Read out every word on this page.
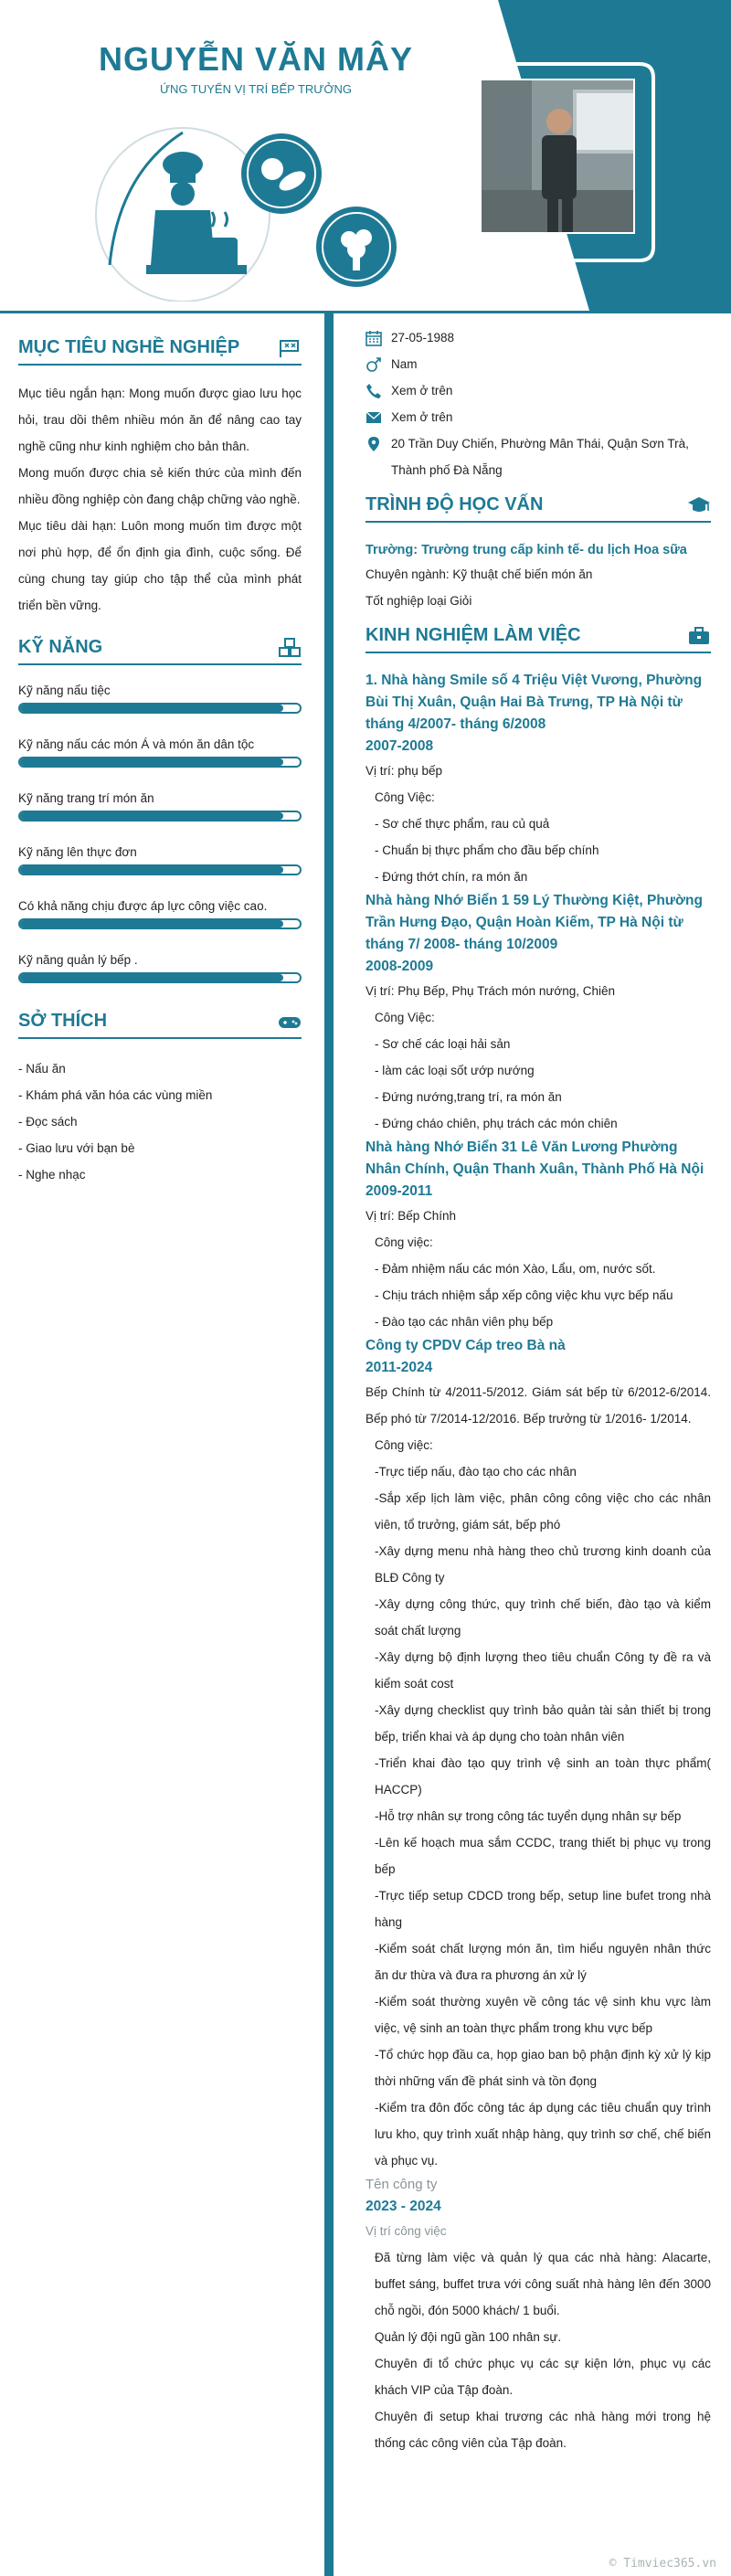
NGUYỄN VĂN MÂY
ỨNG TUYỂN VỊ TRÍ BẾP TRƯỞNG
MỤC TIÊU NGHỀ NGHIỆP

Mục tiêu ngắn hạn: Mong muốn được giao lưu học hỏi, trau dồi thêm nhiều món ăn để nâng cao tay nghề cũng như kinh nghiệm cho bản thân.

Mong muốn được chia sẻ kiến thức của mình đến nhiều đồng nghiệp còn đang chập chững vào nghề.

Mục tiêu dài hạn: Luôn mong muốn tìm được một nơi phù hợp, để ổn định gia đình, cuộc sống. Để cùng chung tay giúp cho tập thể của mình phát triển bền vững.

KỸ NĂNG
Kỹ năng nấu tiệc
Kỹ năng nấu các món Á và món ăn dân tộc
Kỹ năng trang trí món ăn
Kỹ năng lên thực đơn
Có khả năng chịu được áp lực công việc cao.
Kỹ năng quản lý bếp .
SỞ THÍCH
- Nấu ăn
- Khám phá văn hóa các vùng miền
- Đọc sách
- Giao lưu với bạn bè
- Nghe nhạc
27-05-1988
Nam
Xem ở trên
Xem ở trên
20 Trần Duy Chiến, Phường Mân Thái, Quận Sơn Trà, Thành phố Đà Nẵng
TRÌNH ĐỘ HỌC VẤN
Trường: Trường trung cấp kinh tế- du lịch Hoa sữa
Chuyên ngành: Kỹ thuật chế biến món ăn
Tốt nghiệp loại Giỏi
KINH NGHIỆM LÀM VIỆC
1. Nhà hàng Smile số 4 Triệu Việt Vương, Phường Bùi Thị Xuân, Quận Hai Bà Trưng, TP Hà Nội từ tháng 4/2007- tháng 6/2008
2007-2008
Vị trí: phụ bếp
Công Việc:
- Sơ chế thực phẩm, rau củ quả
- Chuẩn bị thực phẩm cho đầu bếp chính
- Đứng thớt chín, ra món ăn
Nhà hàng Nhớ Biển 1 59 Lý Thường Kiệt, Phường Trần Hưng Đạo, Quận Hoàn Kiếm, TP Hà Nội từ tháng 7/ 2008- tháng 10/2009
2008-2009
Vị trí: Phụ Bếp, Phụ Trách món nướng, Chiên
Công Việc:
- Sơ chế các loại hải sản
- làm các loại sốt ướp nướng
- Đứng nướng,trang trí, ra món ăn
- Đứng cháo chiên, phụ trách các món chiên
Nhà hàng Nhớ Biển 31 Lê Văn Lương Phường Nhân Chính, Quận Thanh Xuân, Thành Phố Hà Nội
2009-2011
Vị trí: Bếp Chính
Công việc:
- Đảm nhiệm nấu các món Xào, Lẩu, om, nước sốt.
- Chịu trách nhiệm sắp xếp công việc khu vực bếp nấu
- Đào tạo các nhân viên phụ bếp
Công ty CPDV Cáp treo Bà nà
2011-2024
Bếp Chính từ 4/2011-5/2012. Giám sát bếp từ 6/2012-6/2014. Bếp phó từ 7/2014-12/2016. Bếp trưởng từ 1/2016- 1/2014.
Công việc:
-Trực tiếp nấu, đào tạo cho các nhân
-Sắp xếp lịch làm việc, phân công công việc cho các nhân viên, tổ trưởng, giám sát, bếp phó
-Xây dựng menu nhà hàng theo chủ trương kinh doanh của BLĐ Công ty
-Xây dựng công thức, quy trình chế biến, đào tạo và kiểm soát chất lượng
-Xây dựng bộ định lượng theo tiêu chuẩn Công ty đề ra và kiểm soát cost
-Xây dựng checklist quy trình bảo quản tài sản thiết bị trong bếp, triển khai và áp dụng cho toàn nhân viên
-Triển khai đào tạo quy trình vệ sinh an toàn thực phẩm( HACCP)
-Hỗ trợ nhân sự trong công tác tuyển dụng nhân sự bếp
-Lên kế hoạch mua sắm CCDC, trang thiết bị phục vụ trong bếp
-Trực tiếp setup CDCD trong bếp, setup line bufet trong nhà hàng
-Kiểm soát chất lượng món ăn, tìm hiểu nguyên nhân thức ăn dư thừa và đưa ra phương án xử lý
-Kiểm soát thường xuyên về công tác vệ sinh khu vực làm việc, vệ sinh an toàn thực phẩm trong khu vực bếp
-Tổ chức họp đầu ca, họp giao ban bộ phận định kỳ xử lý kịp thời những vấn đề phát sinh và tồn đọng
-Kiểm tra đôn đốc công tác áp dụng các tiêu chuẩn quy trình lưu kho, quy trình xuất nhập hàng, quy trình sơ chế, chế biến và phục vụ.
Tên công ty
2023 - 2024
Vị trí công việc
Đã từng làm việc và quản lý qua các nhà hàng: Alacarte, buffet sáng, buffet trưa với công suất nhà hàng lên đến 3000 chỗ ngồi, đón 5000 khách/ 1 buổi.
Quản lý đội ngũ gần 100 nhân sự.
Chuyên đi tổ chức phục vụ các sự kiện lớn, phục vụ các khách VIP của Tập đoàn.
Chuyên đi setup khai trương các nhà hàng mới trong hệ thống các công viên của Tập đoàn.
© Timviec365.vn
